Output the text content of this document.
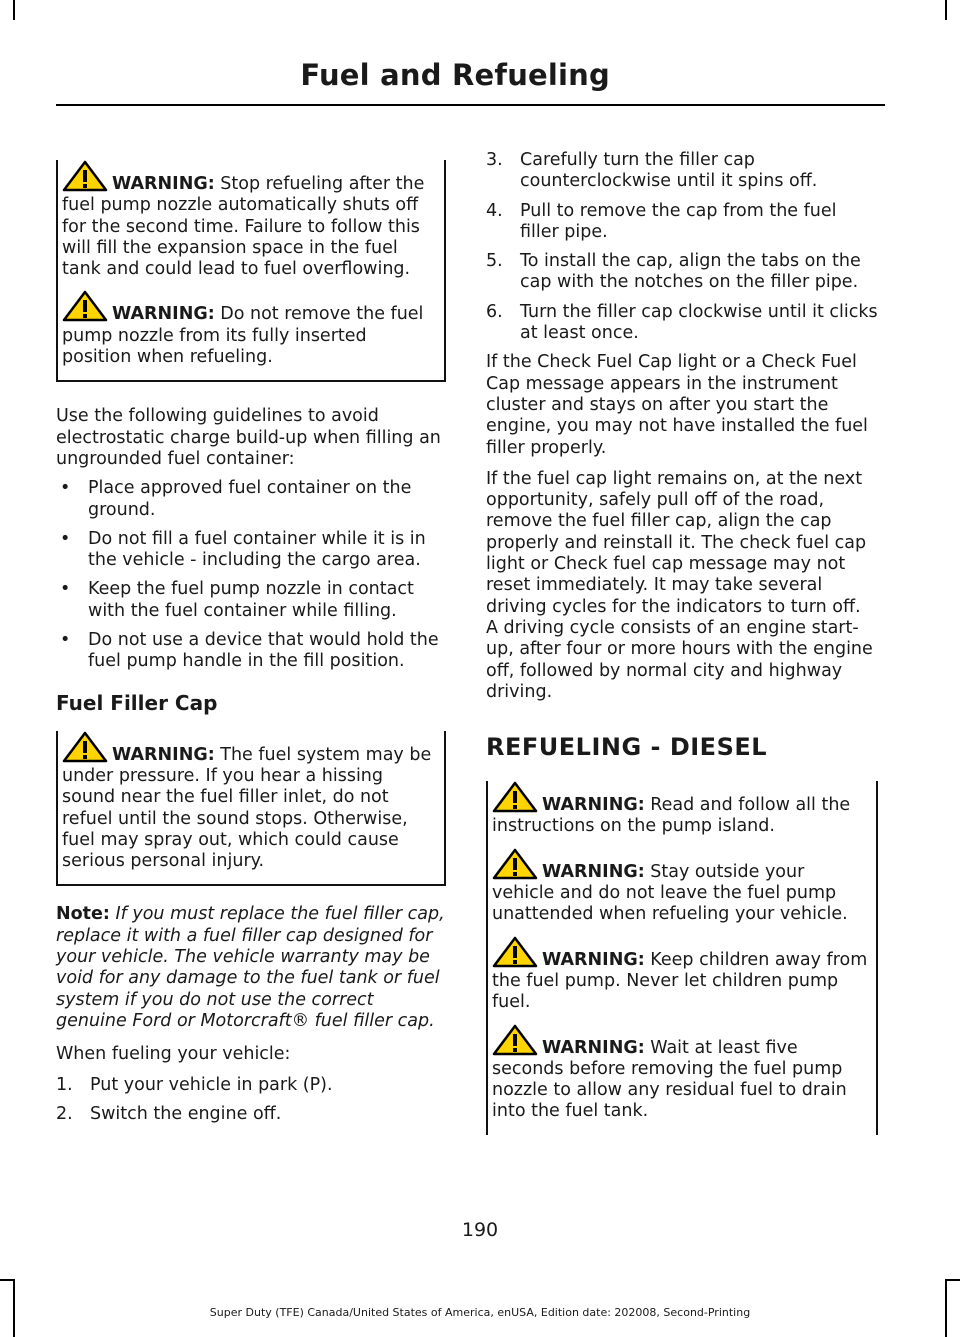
Fuel and Refueling

WARNING: Stop refueling after the fuel pump nozzle automatically shuts off for the second time. Failure to follow this will fill the expansion space in the fuel tank and could lead to fuel overflowing.

WARNING: Do not remove the fuel pump nozzle from its fully inserted position when refueling.

Use the following guidelines to avoid electrostatic charge build-up when filling an ungrounded fuel container:

• Place approved fuel container on the ground.
• Do not fill a fuel container while it is in the vehicle - including the cargo area.
• Keep the fuel pump nozzle in contact with the fuel container while filling.
• Do not use a device that would hold the fuel pump handle in the fill position.
Fuel Filler Cap

WARNING: The fuel system may be under pressure. If you hear a hissing sound near the fuel filler inlet, do not refuel until the sound stops. Otherwise, fuel may spray out, which could cause serious personal injury.

Note: If you must replace the fuel filler cap, replace it with a fuel filler cap designed for your vehicle. The vehicle warranty may be void for any damage to the fuel tank or fuel system if you do not use the correct genuine Ford or Motorcraft® fuel filler cap.

When fueling your vehicle:

1. Put your vehicle in park (P).
2. Switch the engine off.
3. Carefully turn the filler cap counterclockwise until it spins off.
4. Pull to remove the cap from the fuel filler pipe.
5. To install the cap, align the tabs on the cap with the notches on the filler pipe.
6. Turn the filler cap clockwise until it clicks at least once.

If the Check Fuel Cap light or a Check Fuel Cap message appears in the instrument cluster and stays on after you start the engine, you may not have installed the fuel filler properly.

If the fuel cap light remains on, at the next opportunity, safely pull off of the road, remove the fuel filler cap, align the cap properly and reinstall it. The check fuel cap light or Check fuel cap message may not reset immediately. It may take several driving cycles for the indicators to turn off. A driving cycle consists of an engine start-up, after four or more hours with the engine off, followed by normal city and highway driving.

REFUELING - DIESEL

WARNING: Read and follow all the instructions on the pump island.

WARNING: Stay outside your vehicle and do not leave the fuel pump unattended when refueling your vehicle.

WARNING: Keep children away from the fuel pump. Never let children pump fuel.

WARNING: Wait at least five seconds before removing the fuel pump nozzle to allow any residual fuel to drain into the fuel tank.

190
Super Duty (TFE) Canada/United States of America, enUSA, Edition date: 202008, Second-Printing
